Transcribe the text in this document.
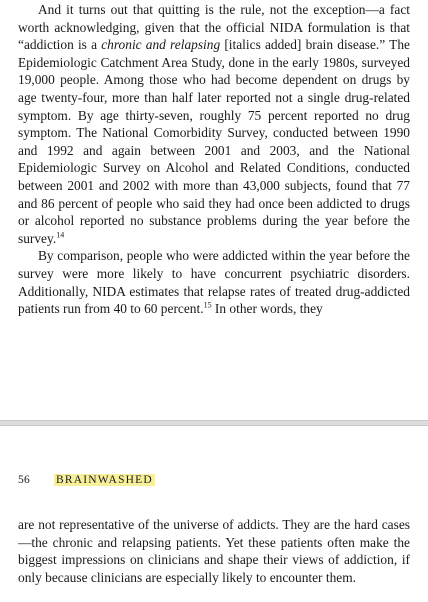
And it turns out that quitting is the rule, not the exception—a fact worth acknowledging, given that the official NIDA formulation is that “addiction is a chronic and relapsing [italics added] brain disease.” The Epidemiologic Catchment Area Study, done in the early 1980s, surveyed 19,000 people. Among those who had become dependent on drugs by age twenty-four, more than half later reported not a single drug-related symptom. By age thirty-seven, roughly 75 percent reported no drug symptom. The National Comorbidity Survey, conducted between 1990 and 1992 and again between 2001 and 2003, and the National Epidemiologic Survey on Alcohol and Related Conditions, conducted between 2001 and 2002 with more than 43,000 subjects, found that 77 and 86 percent of people who said they had once been addicted to drugs or alcohol reported no substance problems during the year before the survey.$^{14}$

By comparison, people who were addicted within the year before the survey were more likely to have concurrent psychiatric disorders. Additionally, NIDA estimates that relapse rates of treated drug-addicted patients run from 40 to 60 percent.$^{15}$ In other words, they

56 BRAINWASHED

are not representative of the universe of addicts. They are the hard cases—the chronic and relapsing patients. Yet these patients often make the biggest impressions on clinicians and shape their views of addiction, if only because clinicians are especially likely to encounter them.
